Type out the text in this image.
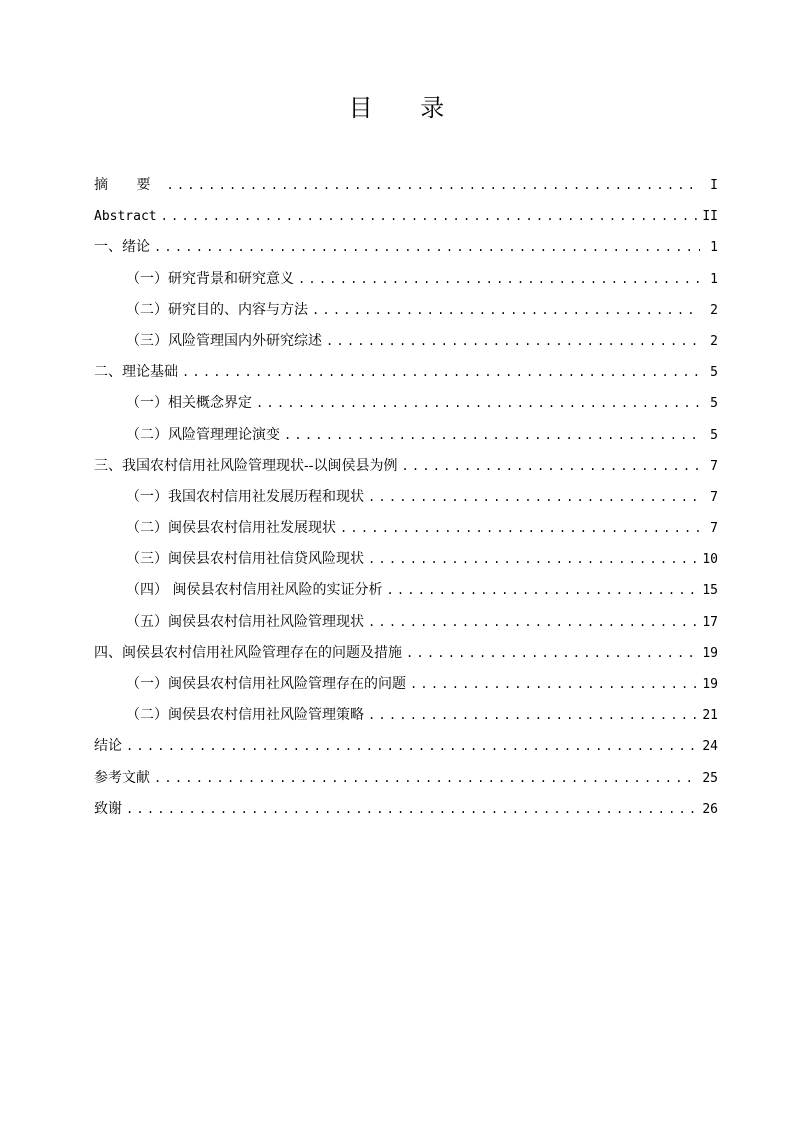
目 录
摘 要 .....	I
Abstract .....	II
一、绪论 .....	1
（一）研究背景和研究意义 .....	1
（二）研究目的、内容与方法 .....	2
（三）风险管理国内外研究综述 .....	2
二、理论基础 .....	5
（一）相关概念界定 .....	5
（二）风险管理理论演变 .....	5
三、我国农村信用社风险管理现状--以闽侯县为例 .....	7
（一）我国农村信用社发展历程和现状 .....	7
（二）闽侯县农村信用社发展现状 .....	7
（三）闽侯县农村信用社信贷风险现状 .....	10
（四） 闽侯县农村信用社风险的实证分析 .....	15
（五）闽侯县农村信用社风险管理现状 .....	17
四、闽侯县农村信用社风险管理存在的问题及措施 .....	19
（一）闽侯县农村信用社风险管理存在的问题 .....	19
（二）闽侯县农村信用社风险管理策略 .....	21
结论 .....	24
参考文献 .....	25
致谢 .....	26
